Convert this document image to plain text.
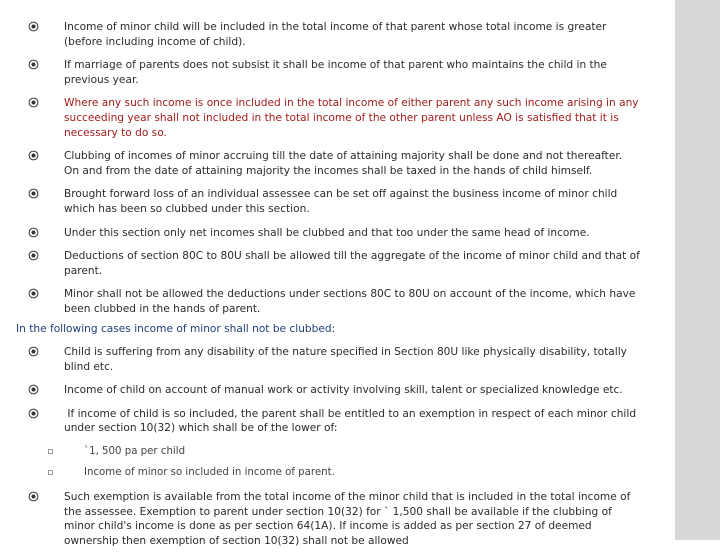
Income of minor child will be included in the total income of that parent whose total income is greater (before including income of child).
If marriage of parents does not subsist it shall be income of that parent who maintains the child in the previous year.
Where any such income is once included in the total income of either parent any such income arising in any succeeding year shall not included in the total income of the other parent unless AO is satisfied that it is necessary to do so.
Clubbing of incomes of minor accruing till the date of attaining majority shall be done and not thereafter. On and from the date of attaining majority the incomes shall be taxed in the hands of child himself.
Brought forward loss of an individual assessee can be set off against the business income of minor child which has been so clubbed under this section.
Under this section only net incomes shall be clubbed and that too under the same head of income.
Deductions of section 80C to 80U shall be allowed till the aggregate of the income of minor child and that of parent.
Minor shall not be allowed the deductions under sections 80C to 80U on account of the income, which have been clubbed in the hands of parent.
In the following cases income of minor shall not be clubbed:
Child is suffering from any disability of the nature specified in Section 80U like physically disability, totally blind etc.
Income of child on account of manual work or activity involving skill, talent or specialized knowledge etc.
If income of child is so included, the parent shall be entitled to an exemption in respect of each minor child under section 10(32) which shall be of the lower of:
`1, 500 pa per child
Income of minor so included in income of parent.
Such exemption is available from the total income of the minor child that is included in the total income of the assessee. Exemption to parent under section 10(32) for ` 1,500 shall be available if the clubbing of minor child's income is done as per section 64(1A). If income is added as per section 27 of deemed ownership then exemption of section 10(32) shall not be allowed
